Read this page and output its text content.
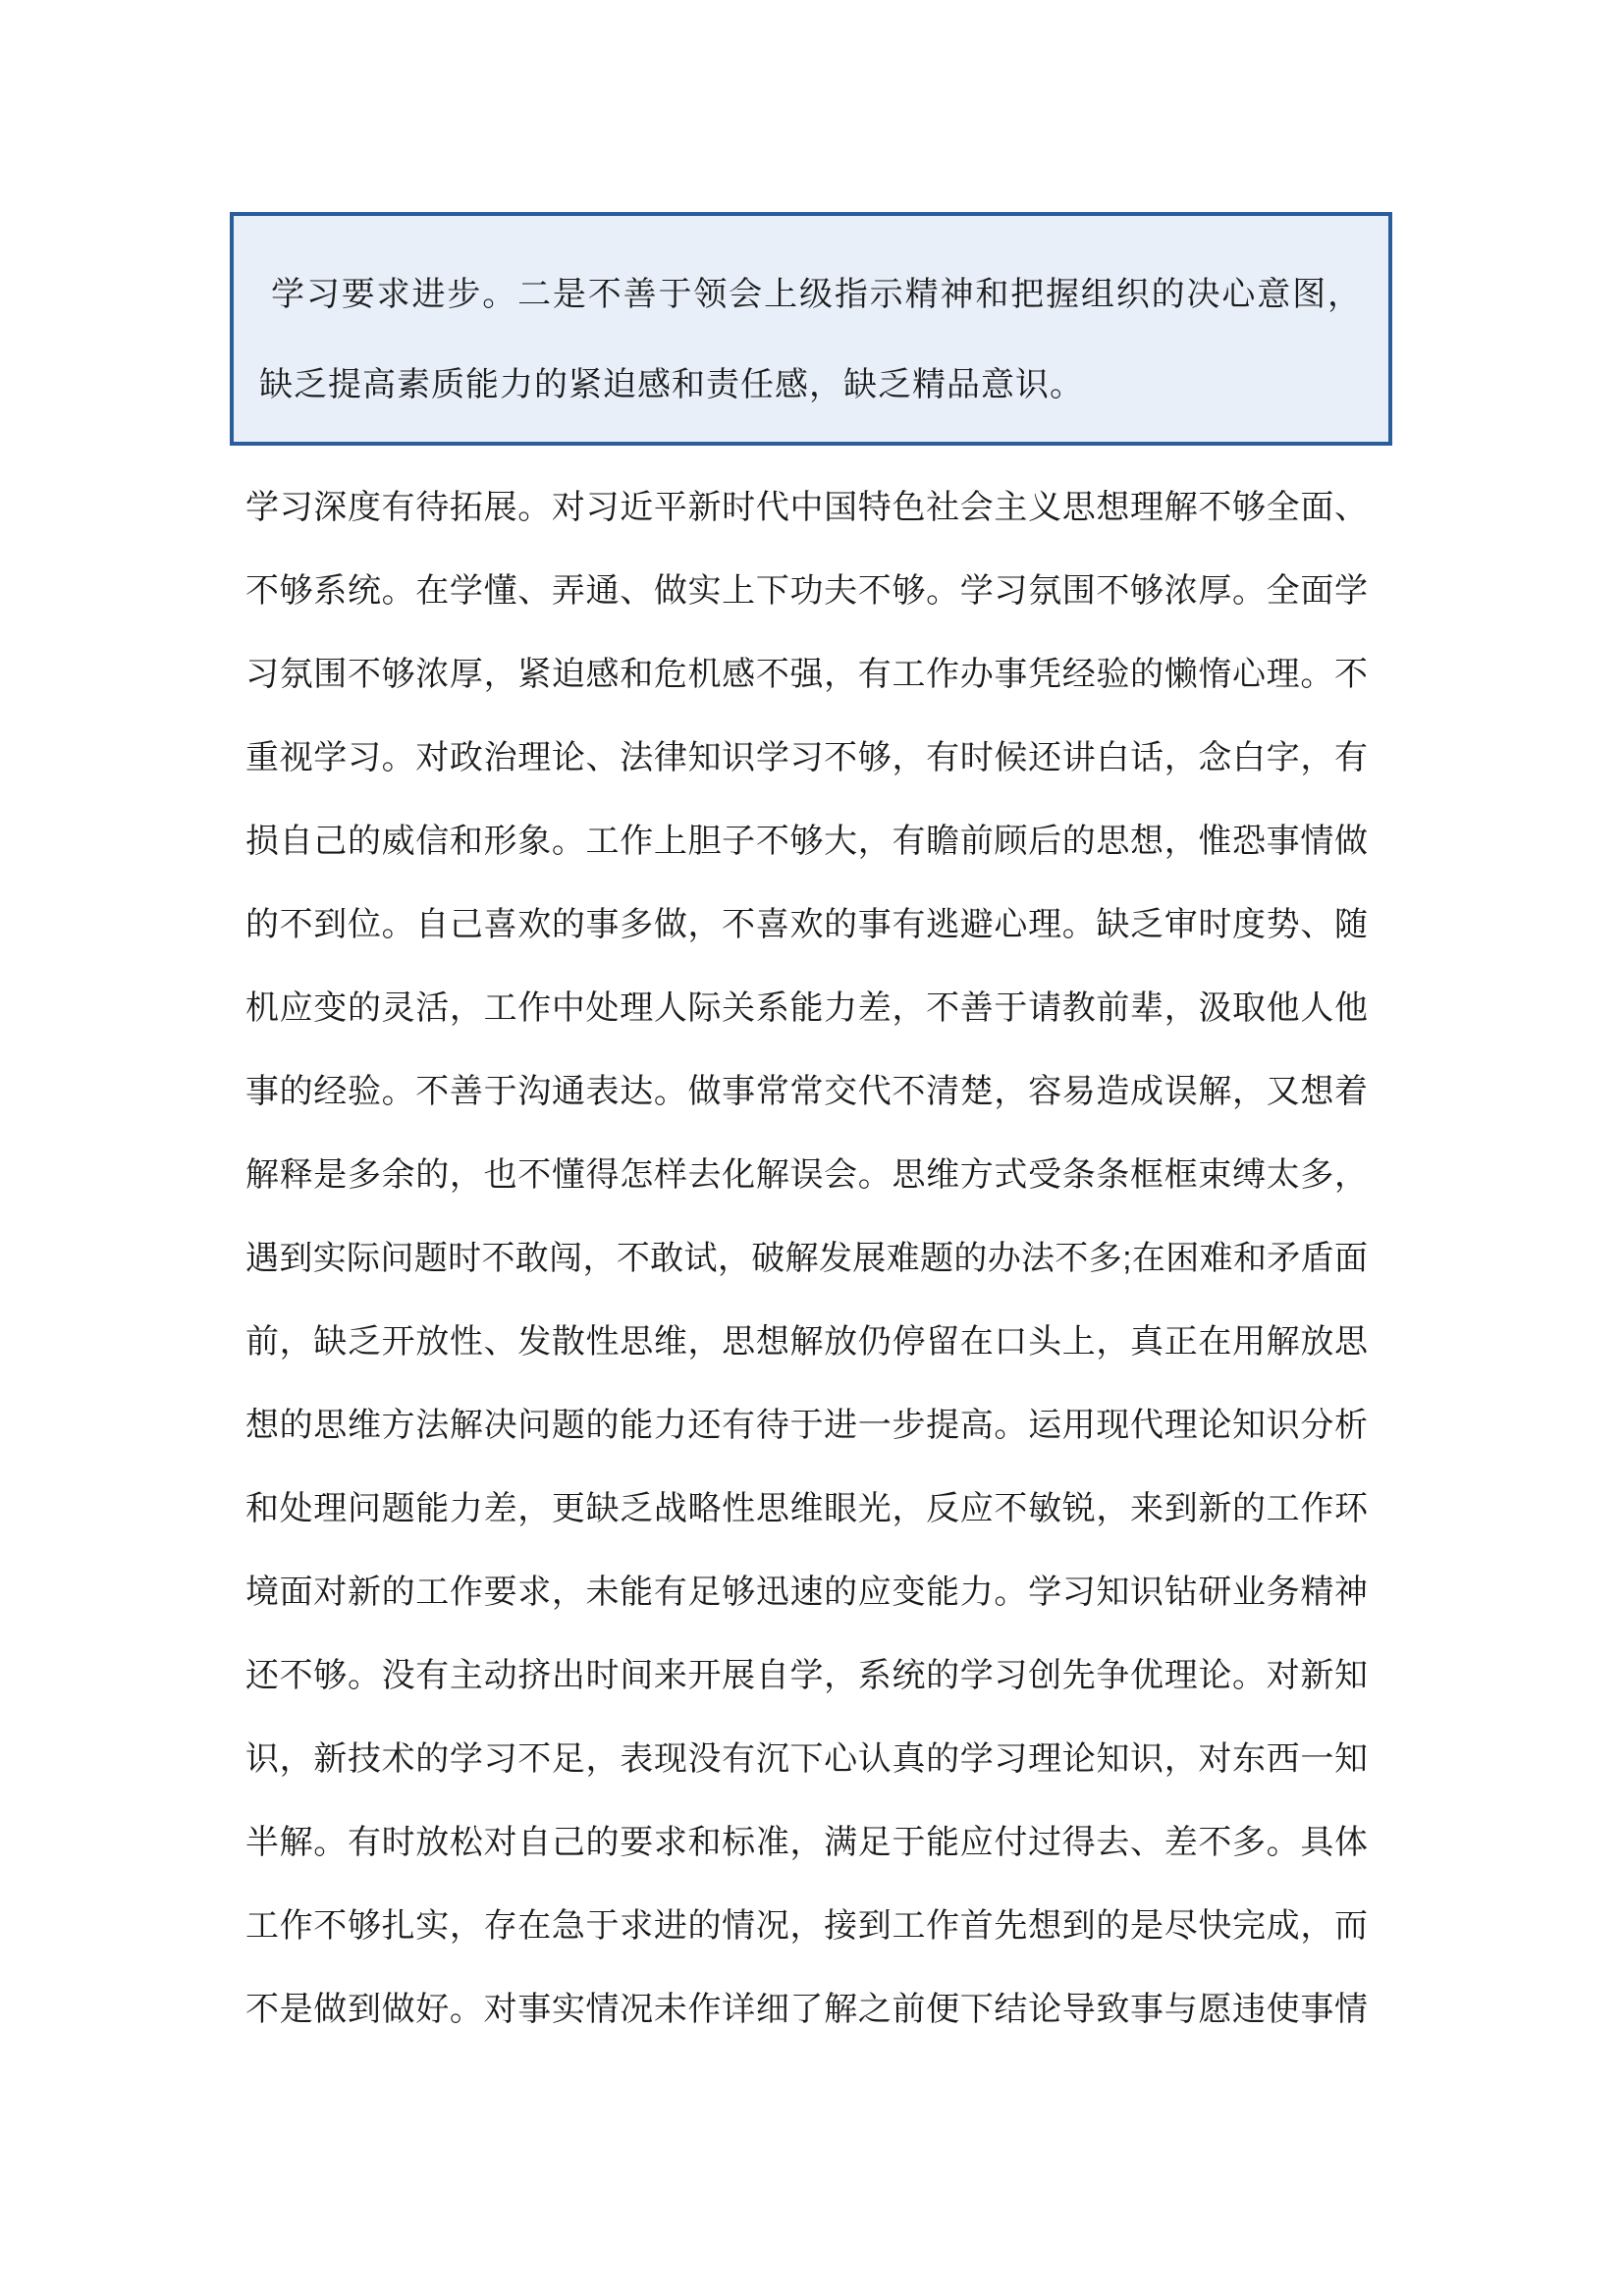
学习要求进步。二是不善于领会上级指示精神和把握组织的决心意图，
缺乏提高素质能力的紧迫感和责任感，缺乏精品意识。
学习深度有待拓展。对习近平新时代中国特色社会主义思想理解不够全面、
不够系统。在学懂、弄通、做实上下功夫不够。学习氛围不够浓厚。全面学
习氛围不够浓厚，紧迫感和危机感不强，有工作办事凭经验的懒惰心理。不
重视学习。对政治理论、法律知识学习不够，有时候还讲白话，念白字，有
损自己的威信和形象。工作上胆子不够大，有瞻前顾后的思想，惟恐事情做
的不到位。自己喜欢的事多做，不喜欢的事有逃避心理。缺乏审时度势、随
机应变的灵活，工作中处理人际关系能力差，不善于请教前辈，汲取他人他
事的经验。不善于沟通表达。做事常常交代不清楚，容易造成误解，又想着
解释是多余的，也不懂得怎样去化解误会。思维方式受条条框框束缚太多，
遇到实际问题时不敢闯，不敢试，破解发展难题的办法不多;在困难和矛盾面
前，缺乏开放性、发散性思维，思想解放仍停留在口头上，真正在用解放思
想的思维方法解决问题的能力还有待于进一步提高。运用现代理论知识分析
和处理问题能力差，更缺乏战略性思维眼光，反应不敏锐，来到新的工作环
境面对新的工作要求，未能有足够迅速的应变能力。学习知识钻研业务精神
还不够。没有主动挤出时间来开展自学，系统的学习创先争优理论。对新知
识，新技术的学习不足，表现没有沉下心认真的学习理论知识，对东西一知
半解。有时放松对自己的要求和标准，满足于能应付过得去、差不多。具体
工作不够扎实，存在急于求进的情况，接到工作首先想到的是尽快完成，而
不是做到做好。对事实情况未作详细了解之前便下结论导致事与愿违使事情
